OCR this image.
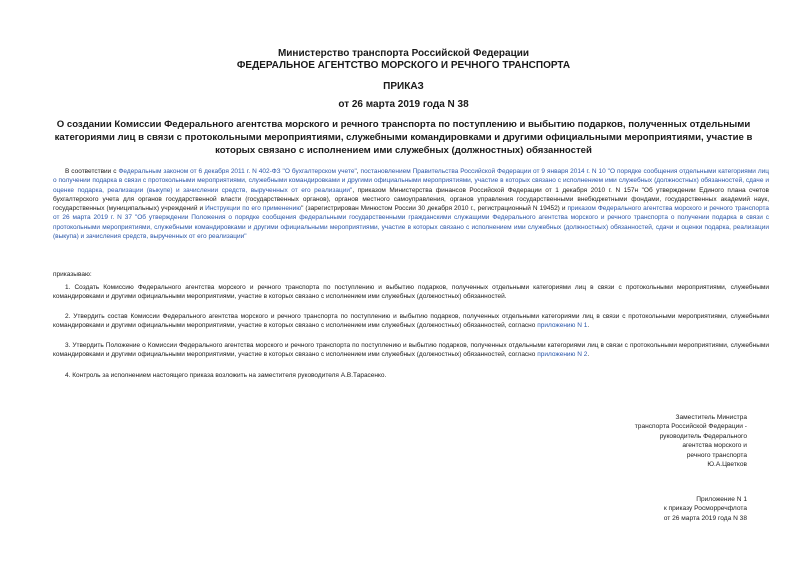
Министерство транспорта Российской Федерации
ФЕДЕРАЛЬНОЕ АГЕНТСТВО МОРСКОГО И РЕЧНОГО ТРАНСПОРТА
ПРИКАЗ
от 26 марта 2019 года N 38
О создании Комиссии Федерального агентства морского и речного транспорта по поступлению и выбытию подарков, полученных отдельными категориями лиц в связи с протокольными мероприятиями, служебными командировками и другими официальными мероприятиями, участие в которых связано с исполнением ими служебных (должностных) обязанностей
В соответствии с Федеральным законом от 6 декабря 2011 г. N 402-ФЗ "О бухгалтерском учете", постановлением Правительства Российской Федерации от 9 января 2014 г. N 10 "О порядке сообщения отдельными категориями лиц о получении подарка в связи с протокольными мероприятиями, служебными командировками и другими официальными мероприятиями, участие в которых связано с исполнением ими служебных (должностных) обязанностей, сдаче и оценке подарка, реализации (выкупе) и зачислении средств, вырученных от его реализации", приказом Министерства финансов Российской Федерации от 1 декабря 2010 г. N 157н "Об утверждении Единого плана счетов бухгалтерского учета для органов государственной власти (государственных органов), органов местного самоуправления, органов управления государственными внебюджетными фондами, государственных академий наук, государственных (муниципальных) учреждений и Инструкции по его применению" (зарегистрирован Минюстом России 30 декабря 2010 г., регистрационный N 19452) и приказом Федерального агентства морского и речного транспорта от 26 марта 2019 г. N 37 "Об утверждении Положения о порядке сообщения федеральными государственными гражданскими служащими Федерального агентства морского и речного транспорта о получении подарка в связи с протокольными мероприятиями, служебными командировками и другими официальными мероприятиями, участие в которых связано с исполнением ими служебных (должностных) обязанностей, сдачи и оценки подарка, реализации (выкупа) и зачисления средств, вырученных от его реализации"
приказываю:
1. Создать Комиссию Федерального агентства морского и речного транспорта по поступлению и выбытию подарков, полученных отдельными категориями лиц в связи с протокольными мероприятиями, служебными командировками и другими официальными мероприятиями, участие в которых связано с исполнением ими служебных (должностных) обязанностей.
2. Утвердить состав Комиссии Федерального агентства морского и речного транспорта по поступлению и выбытию подарков, полученных отдельными категориями лиц в связи с протокольными мероприятиями, служебными командировками и другими официальными мероприятиями, участие в которых связано с исполнением ими служебных (должностных) обязанностей, согласно приложению N 1.
3. Утвердить Положение о Комиссии Федерального агентства морского и речного транспорта по поступлению и выбытию подарков, полученных отдельными категориями лиц в связи с протокольными мероприятиями, служебными командировками и другими официальными мероприятиями, участие в которых связано с исполнением ими служебных (должностных) обязанностей, согласно приложению N 2.
4. Контроль за исполнением настоящего приказа возложить на заместителя руководителя А.В.Тарасенко.
Заместитель Министра
транспорта Российской Федерации -
руководитель Федерального
агентства морского и
речного транспорта
Ю.А.Цветков
Приложение N 1
к приказу Росморречфлота
от 26 марта 2019 года N 38
